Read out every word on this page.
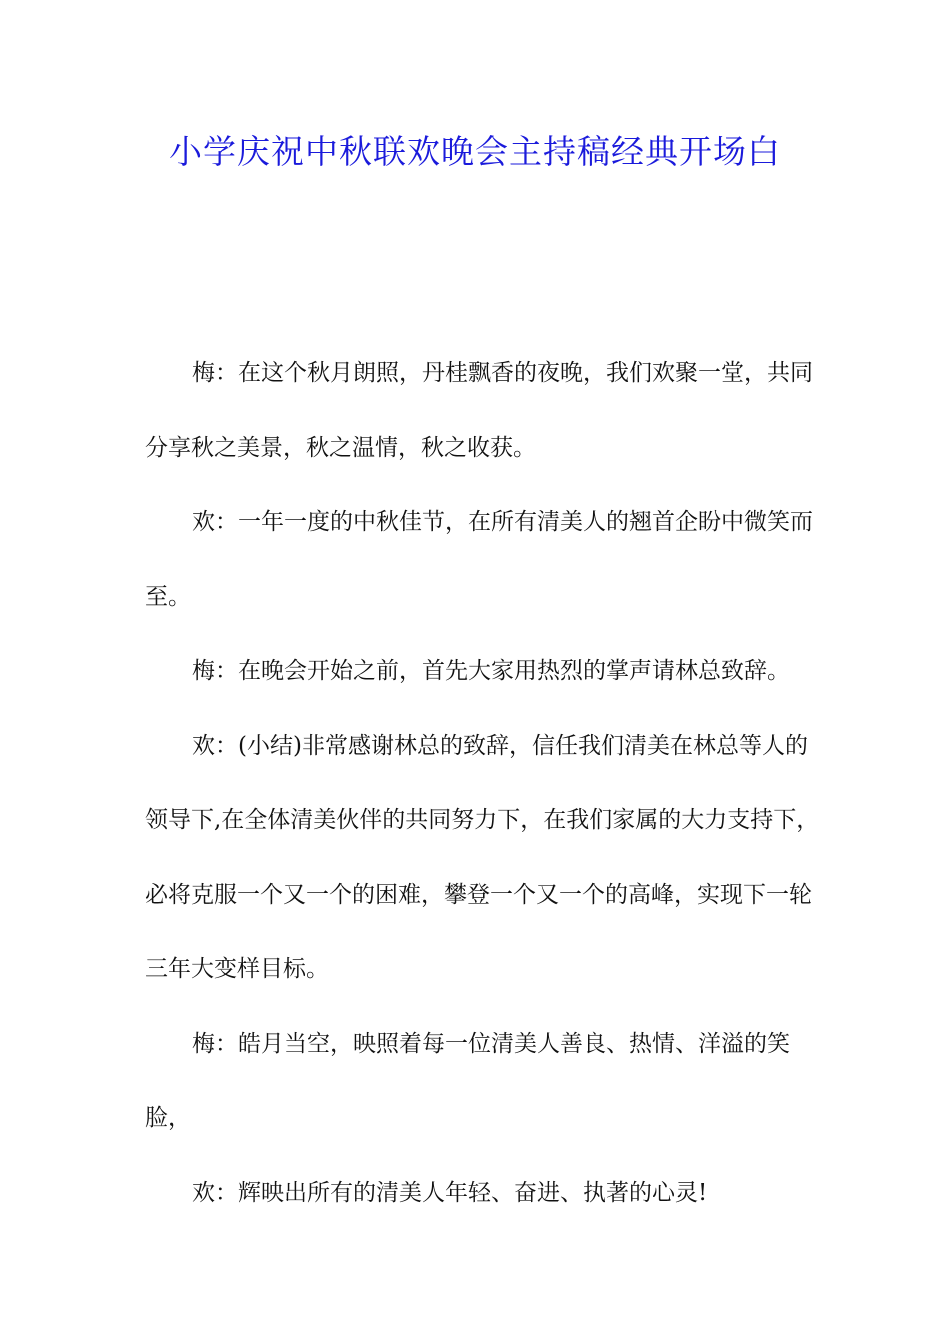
小学庆祝中秋联欢晚会主持稿经典开场白

梅：在这个秋月朗照，丹桂飘香的夜晚，我们欢聚一堂，共同分享秋之美景，秋之温情，秋之收获。

欢：一年一度的中秋佳节，在所有清美人的翘首企盼中微笑而至。

梅：在晚会开始之前，首先大家用热烈的掌声请林总致辞。

欢：(小结)非常感谢林总的致辞，信任我们清美在林总等人的领导下,在全体清美伙伴的共同努力下，在我们家属的大力支持下，必将克服一个又一个的困难，攀登一个又一个的高峰，实现下一轮三年大变样目标。

梅：皓月当空，映照着每一位清美人善良、热情、洋溢的笑脸，

欢：辉映出所有的清美人年轻、奋进、执著的心灵!
